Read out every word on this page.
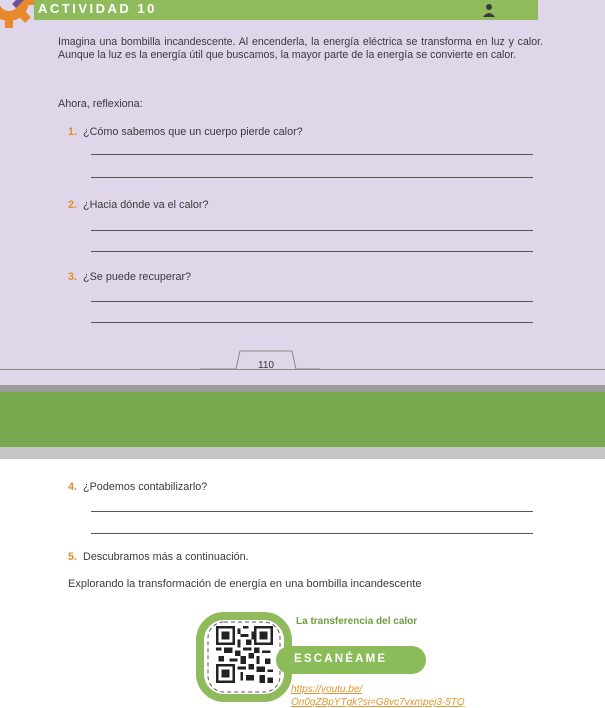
ACTIVIDAD 10

Imagina una bombilla incandescente. Al encenderla, la energía eléctrica se transforma en luz y calor. Aunque la luz es la energía útil que buscamos, la mayor parte de la energía se convierte en calor.

Ahora, reflexiona:

1. ¿Cómo sabemos que un cuerpo pierde calor?

2. ¿Hacia dónde va el calor?

3. ¿Se puede recuperar?

110

4. ¿Podemos contabilizarlo?

5. Descubramos más a continuación.

Explorando la transformación de energía en una bombilla incandescente

La transferencia del calor
ESCANÉAME
https://youtu.be/
On0qZBpYTgk?si=G8vc7vxmpej3-5TQ
